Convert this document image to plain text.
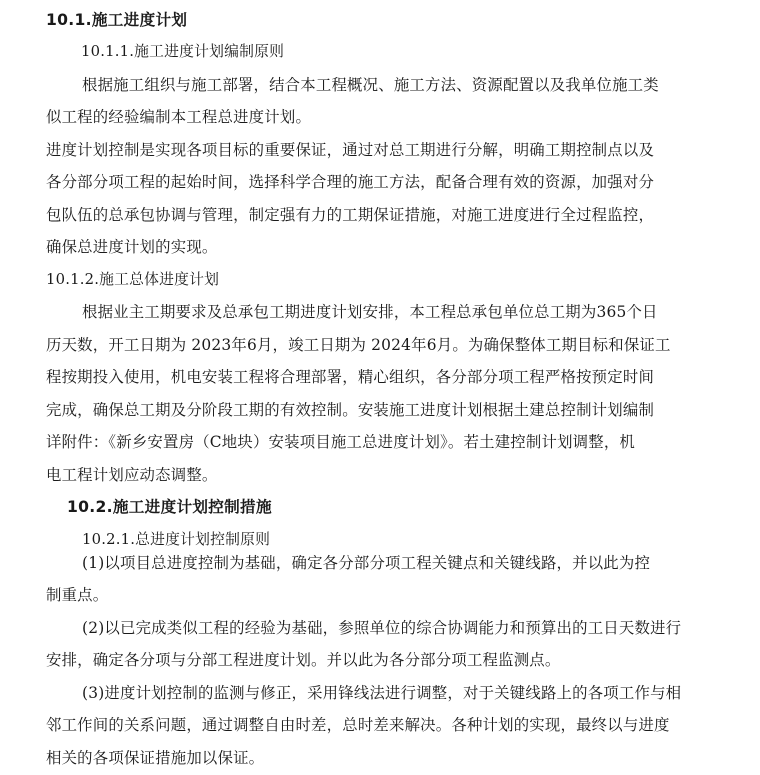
10.1.施工进度计划
10.1.1.施工进度计划编制原则
根据施工组织与施工部署，结合本工程概况、施工方法、资源配置以及我单位施工类
似工程的经验编制本工程总进度计划。
进度计划控制是实现各项目标的重要保证，通过对总工期进行分解，明确工期控制点以及
各分部分项工程的起始时间，选择科学合理的施工方法，配备合理有效的资源，加强对分
包队伍的总承包协调与管理，制定强有力的工期保证措施，对施工进度进行全过程监控，
确保总进度计划的实现。
10.1.2.施工总体进度计划
根据业主工期要求及总承包工期进度计划安排，本工程总承包单位总工期为365个日
历天数，开工日期为 2023年6月，竣工日期为 2024年6月。为确保整体工期目标和保证工
程按期投入使用，机电安装工程将合理部署，精心组织，各分部分项工程严格按预定时间
完成，确保总工期及分阶段工期的有效控制。安装施工进度计划根据土建总控制计划编制
详附件：《新乡安置房（C地块）安装项目施工总进度计划》。若土建控制计划调整，机
电工程计划应动态调整。
10.2.施工进度计划控制措施
10.2.1.总进度计划控制原则
(1)以项目总进度控制为基础，确定各分部分项工程关键点和关键线路，并以此为控
制重点。
(2)以已完成类似工程的经验为基础，参照单位的综合协调能力和预算出的工日天数进行
安排，确定各分项与分部工程进度计划。并以此为各分部分项工程监测点。
(3)进度计划控制的监测与修正，采用锋线法进行调整，对于关键线路上的各项工作与相
邻工作间的关系问题，通过调整自由时差，总时差来解决。各种计划的实现，最终以与进度
相关的各项保证措施加以保证。
